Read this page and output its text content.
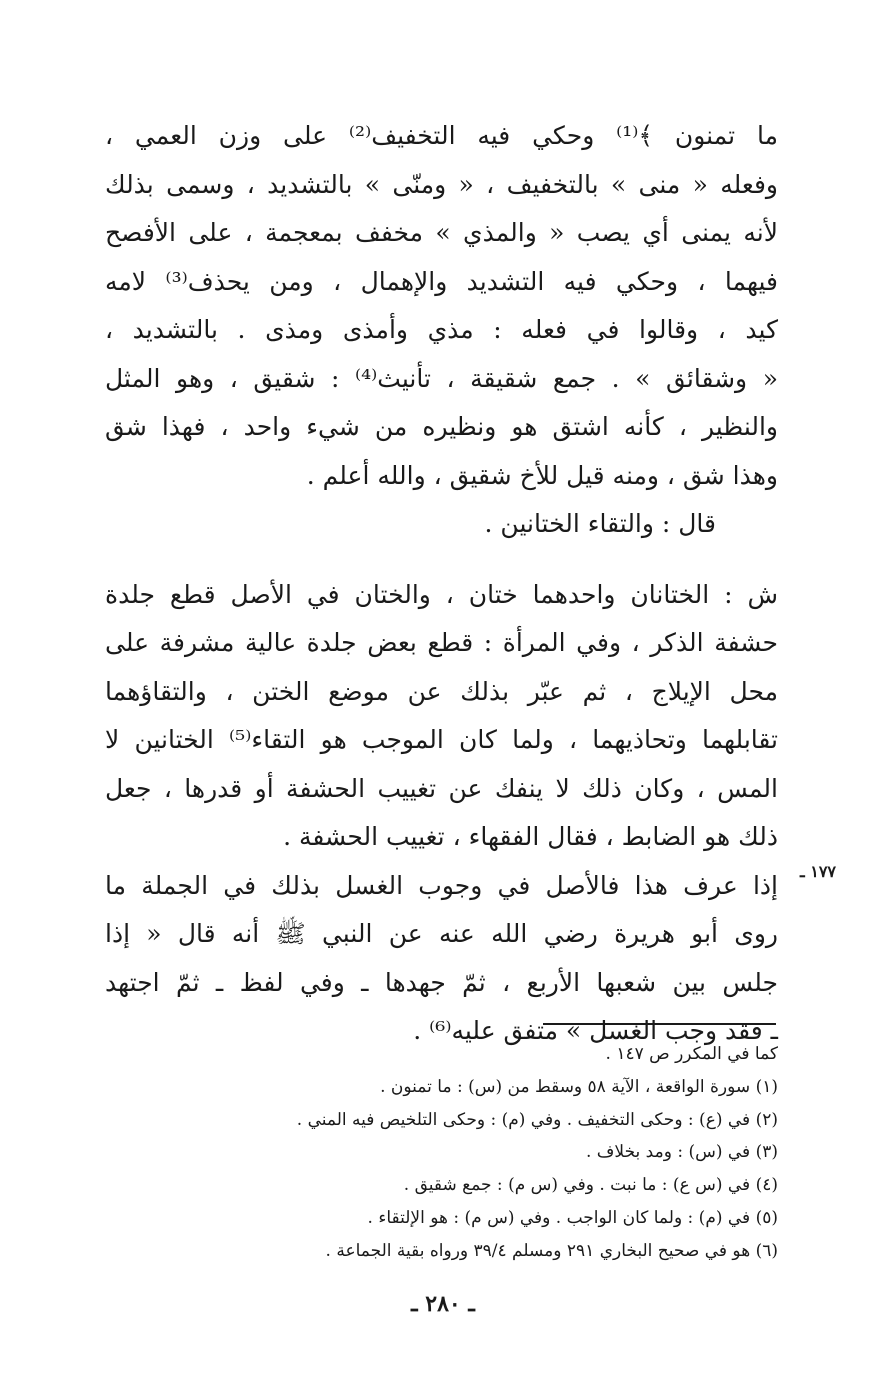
ما تمنون ﴾⁽¹⁾ وحكي فيه التخفيف⁽²⁾ على وزن العمي ،
وفعله « منى » بالتخفيف ، « ومنّى » بالتشديد ، وسمى بذلك
لأنه يمنى أي يصب « والمذي » مخفف بمعجمة ، على الأفصح
فيهما ، وحكي فيه التشديد والإهمال ، ومن يحذف⁽³⁾ لامه
كيد ، وقالوا في فعله : مذي وأمذى ومذى . بالتشديد ،
« وشقائق » . جمع شقيقة ، تأنيث⁽⁴⁾ : شقيق ، وهو المثل
والنظير ، كأنه اشتق هو ونظيره من شيء واحد ، فهذا شق
وهذا شق ، ومنه قيل للأخ شقيق ، والله أعلم .
قال : والتقاء الختانين .
ش : الختانان واحدهما ختان ، والختان في الأصل قطع جلدة
حشفة الذكر ، وفي المرأة : قطع بعض جلدة عالية مشرفة على
محل الإيلاج ، ثم عبّر بذلك عن موضع الختن ، والتقاؤهما
تقابلهما وتحاذيهما ، ولما كان الموجب هو التقاء⁽⁵⁾ الختانين لا
المس ، وكان ذلك لا ينفك عن تغييب الحشفة أو قدرها ، جعل
ذلك هو الضابط ، فقال الفقهاء ، تغييب الحشفة .
١٧٧ ـ
إذا عرف هذا فالأصل في وجوب الغسل بذلك في الجملة ما
روى أبو هريرة رضي الله عنه عن النبي ﷺ أنه قال « إذا
جلس بين شعبها الأربع ، ثمّ جهدها ـ وفي لفظ ـ ثمّ اجتهد
ـ فقد وجب الغسل » متفق عليه⁽⁶⁾ .
كما في المكرر ص ١٤٧ .
(١) سورة الواقعة ، الآية ٥٨ وسقط من (س) : ما تمنون .
(٢) في (ع) : وحكى التخفيف . وفي (م) : وحكى التلخيص فيه المني .
(٣) في (س) : ومد بخلاف .
(٤) في (س ع) : ما نبت . وفي (س م) : جمع شقيق .
(٥) في (م) : ولما كان الواجب . وفي (س م) : هو الإلتقاء .
(٦) هو في صحيح البخاري ٢٩١ ومسلم ٣٩/٤ ورواه بقية الجماعة .
ـ ٢٨٠ ـ
